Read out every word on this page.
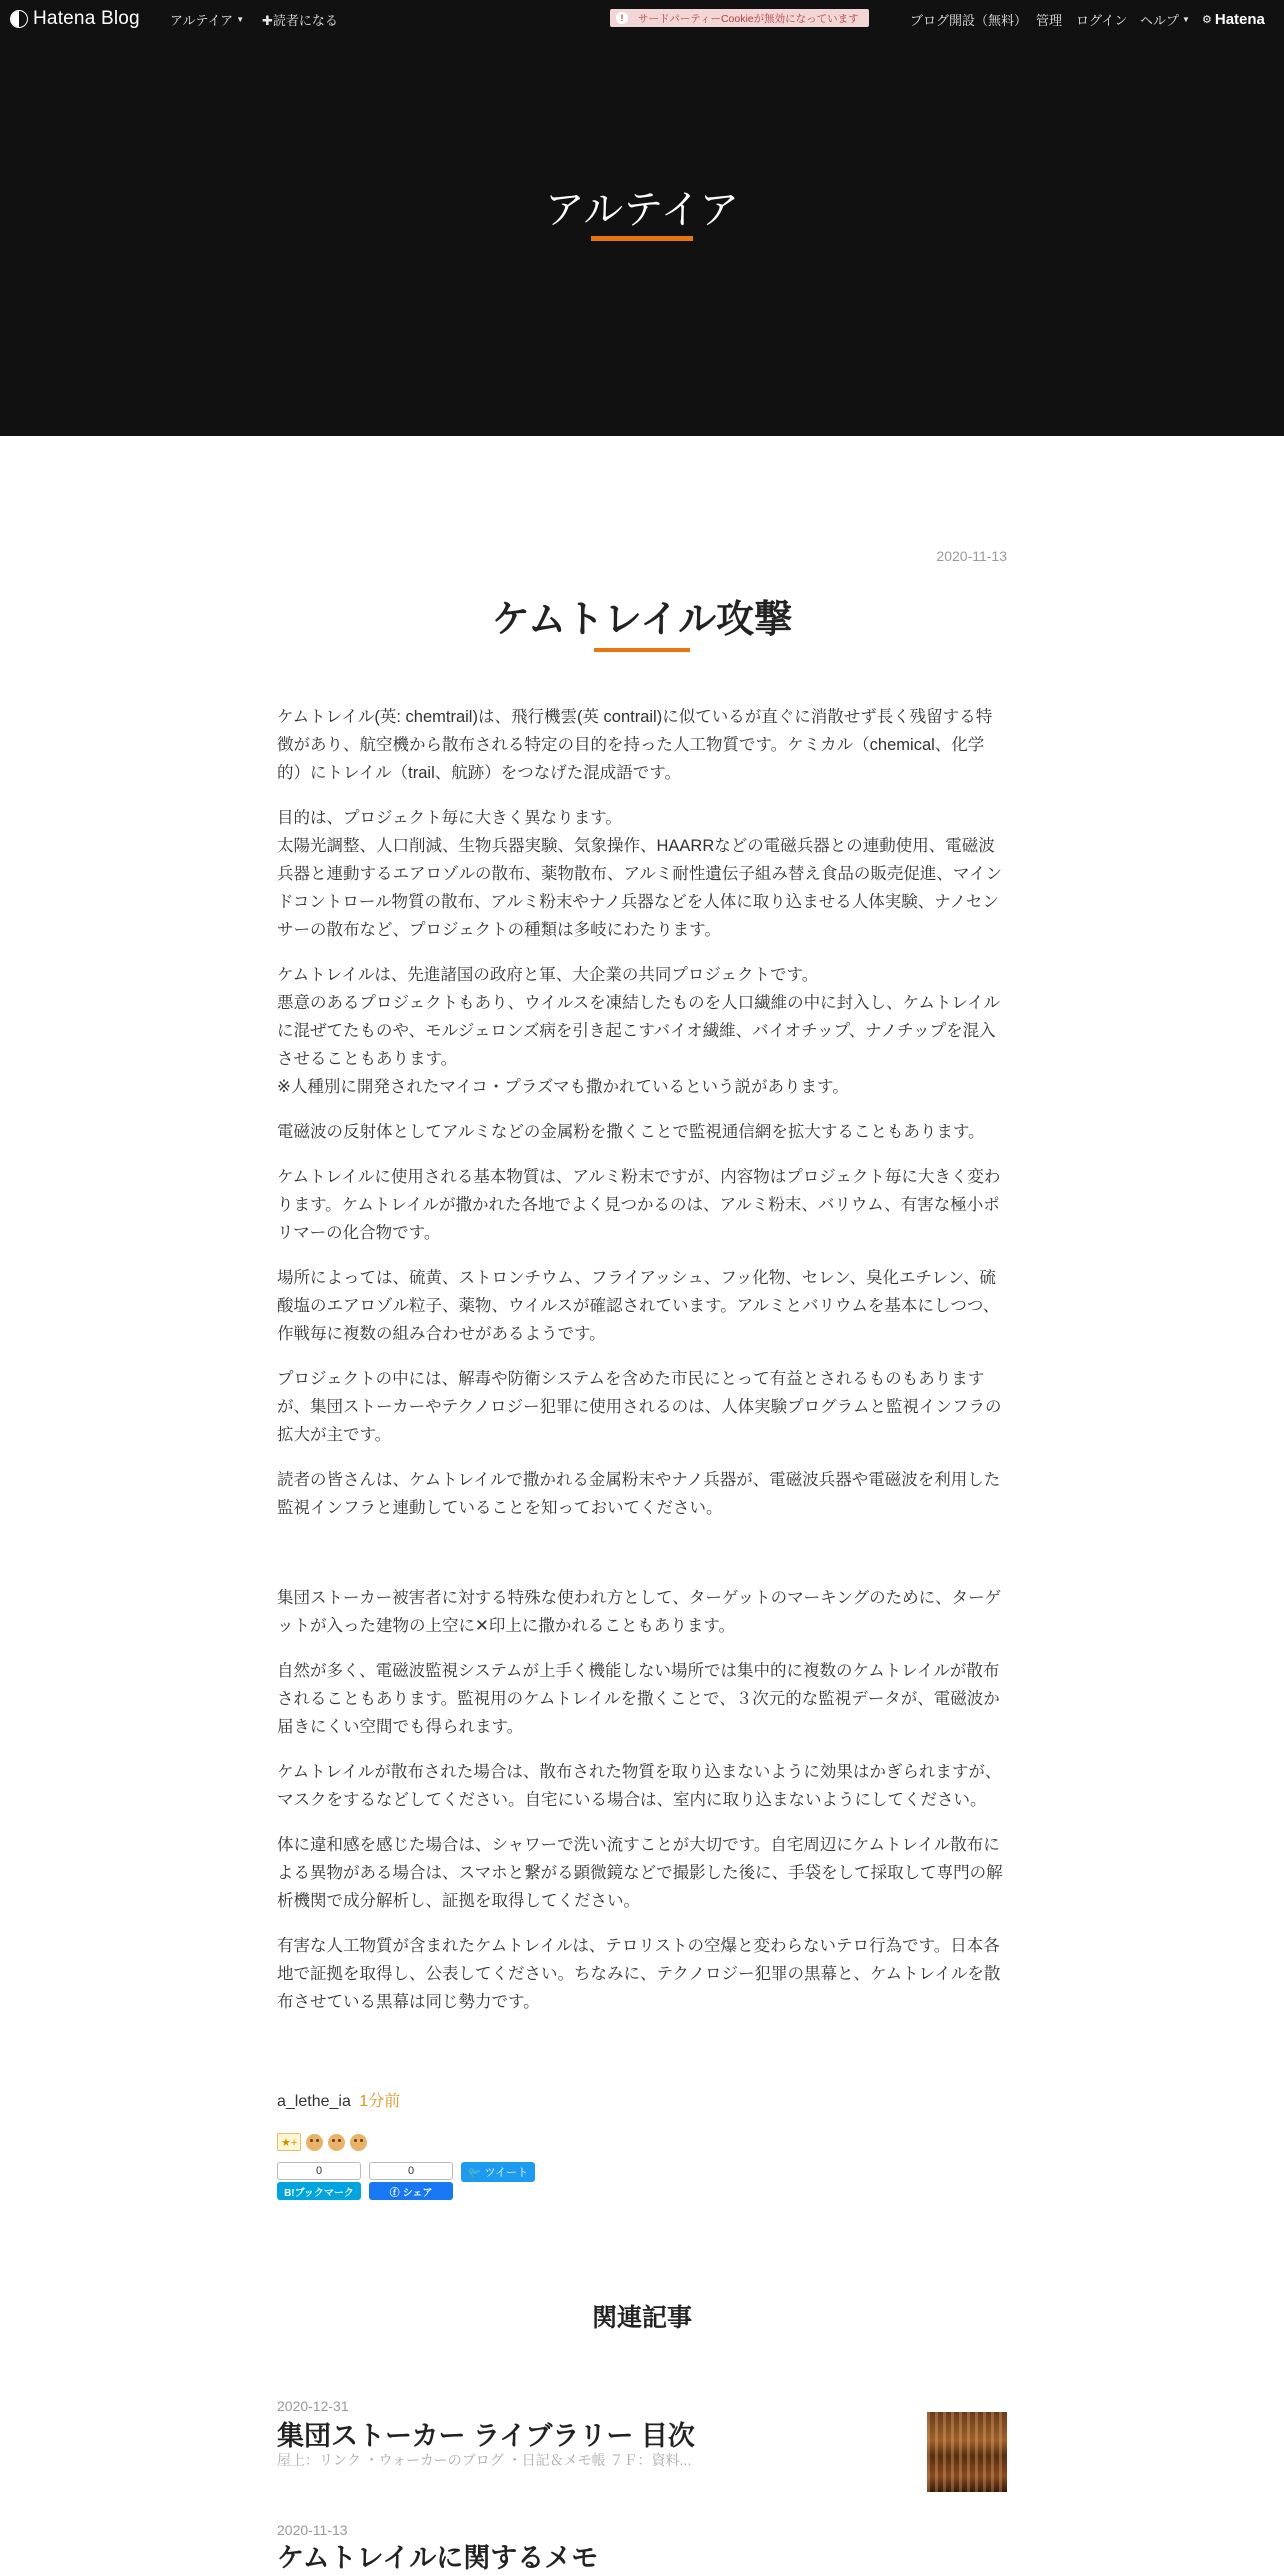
Hatena Blog アルテイア ▼ ✚読者になる	!	サードパーティーCookieが無効になっています	ブログ開設（無料） 管理 ログイン ヘルプ ▼ ⚙ Hatena
アルテイア
2020-11-13
ケムトレイル攻撃

ケムトレイル(英: chemtrail)は、飛行機雲(英 contrail)に似ているが直ぐに消散せず長く残留する特徴があり、航空機から散布される特定の目的を持った人工物質です。ケミカル（chemical、化学的）にトレイル（trail、航跡）をつなげた混成語です。

目的は、プロジェクト毎に大きく異なります。
太陽光調整、人口削減、生物兵器実験、気象操作、HAARRなどの電磁兵器との連動使用、電磁波兵器と連動するエアロゾルの散布、薬物散布、アルミ耐性遺伝子組み替え食品の販売促進、マインドコントロール物質の散布、アルミ粉末やナノ兵器などを人体に取り込ませる人体実験、ナノセンサーの散布など、プロジェクトの種類は多岐にわたります。

ケムトレイルは、先進諸国の政府と軍、大企業の共同プロジェクトです。
悪意のあるプロジェクトもあり、ウイルスを凍結したものを人口繊維の中に封入し、ケムトレイルに混ぜてたものや、モルジェロンズ病を引き起こすバイオ繊維、バイオチップ、ナノチップを混入させることもあります。
※人種別に開発されたマイコ・プラズマも撒かれているという説があります。

電磁波の反射体としてアルミなどの金属粉を撒くことで監視通信網を拡大することもあります。

ケムトレイルに使用される基本物質は、アルミ粉末ですが、内容物はプロジェクト毎に大きく変わります。ケムトレイルが撒かれた各地でよく見つかるのは、アルミ粉末、バリウム、有害な極小ポリマーの化合物です。

場所によっては、硫黄、ストロンチウム、フライアッシュ、フッ化物、セレン、臭化エチレン、硫酸塩のエアロゾル粒子、薬物、ウイルスが確認されています。アルミとバリウムを基本にしつつ、作戦毎に複数の組み合わせがあるようです。

プロジェクトの中には、解毒や防衛システムを含めた市民にとって有益とされるものもありますが、集団ストーカーやテクノロジー犯罪に使用されるのは、人体実験プログラムと監視インフラの拡大が主です。

読者の皆さんは、ケムトレイルで撒かれる金属粉末やナノ兵器が、電磁波兵器や電磁波を利用した監視インフラと連動していることを知っておいてください。

集団ストーカー被害者に対する特殊な使われ方として、ターゲットのマーキングのために、ターゲットが入った建物の上空に✕印上に撒かれることもあります。

自然が多く、電磁波監視システムが上手く機能しない場所では集中的に複数のケムトレイルが散布されることもあります。監視用のケムトレイルを撒くことで、３次元的な監視データが、電磁波か届きにくい空間でも得られます。

ケムトレイルが散布された場合は、散布された物質を取り込まないように効果はかぎられますが、マスクをするなどしてください。自宅にいる場合は、室内に取り込まないようにしてください。

体に違和感を感じた場合は、シャワーで洗い流すことが大切です。自宅周辺にケムトレイル散布による異物がある場合は、スマホと繋がる顕微鏡などで撮影した後に、手袋をして採取して専門の解析機関で成分解析し、証拠を取得してください。

有害な人工物質が含まれたケムトレイルは、テロリストの空爆と変わらないテロ行為です。日本各地で証拠を取得し、公表してください。ちなみに、テクノロジー犯罪の黒幕と、ケムトレイルを散布させている黒幕は同じ勢力です。

a_lethe_ia 1分前
★+
0
B!ブックマーク
0
ⓕ シェア
🐦 ツイート
関連記事
2020-12-31
集団ストーカー ライブラリー 目次
屋上：リンク ・ウォーカーのブログ ・日記＆メモ帳 ７Ｆ：資料...
2020-11-13
ケムトレイルに関するメモ
